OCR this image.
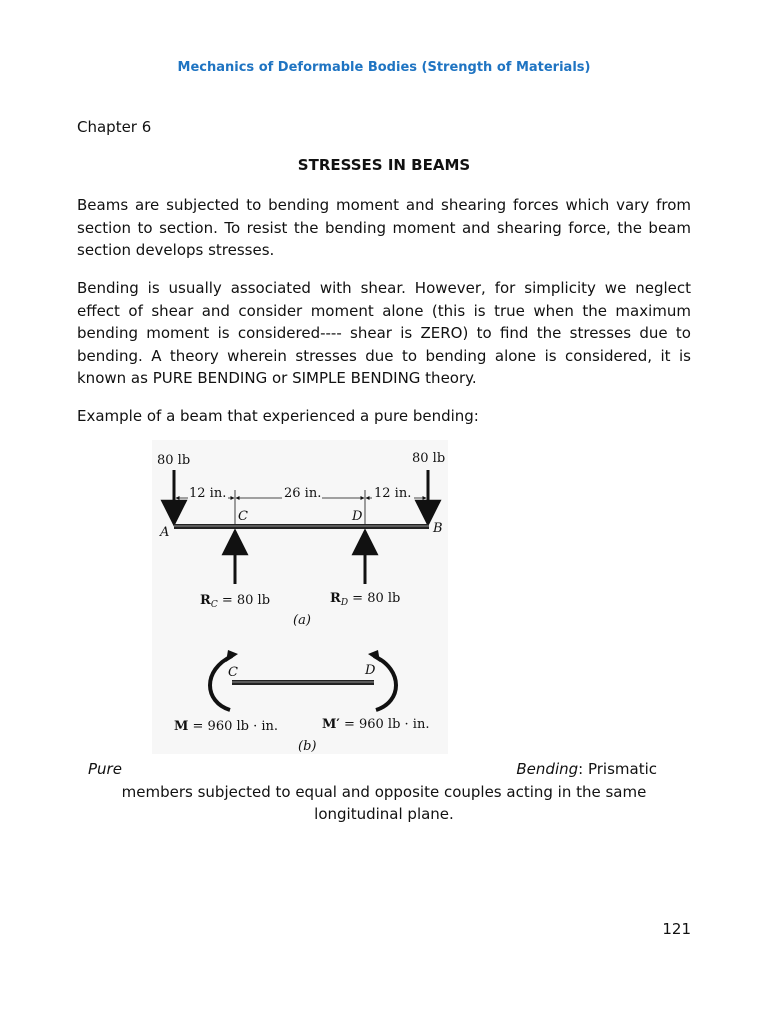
Mechanics of Deformable Bodies (Strength of Materials)
Chapter 6
STRESSES IN BEAMS

Beams are subjected to bending moment and shearing forces which vary from section to section. To resist the bending moment and shearing force, the beam section develops stresses.

Bending is usually associated with shear. However, for simplicity we neglect effect of shear and consider moment alone (this is true when the maximum bending moment is considered---- shear is ZERO) to find the stresses due to bending. A theory wherein stresses due to bending alone is considered, it is known as PURE BENDING or SIMPLE BENDING theory.

Example of a beam that experienced a pure bending:

80 lb	80 lb
12 in.	26 in.	12 in.
C	D
A	B
$R_C = 80$ lb	$R_D = 80$ lb
(a)
C	D
M = 960 lb · in.	M′ = 960 lb · in.
(b)
Pure	Bending: Prismatic
members subjected to equal and opposite couples acting in the same longitudinal plane.
121
